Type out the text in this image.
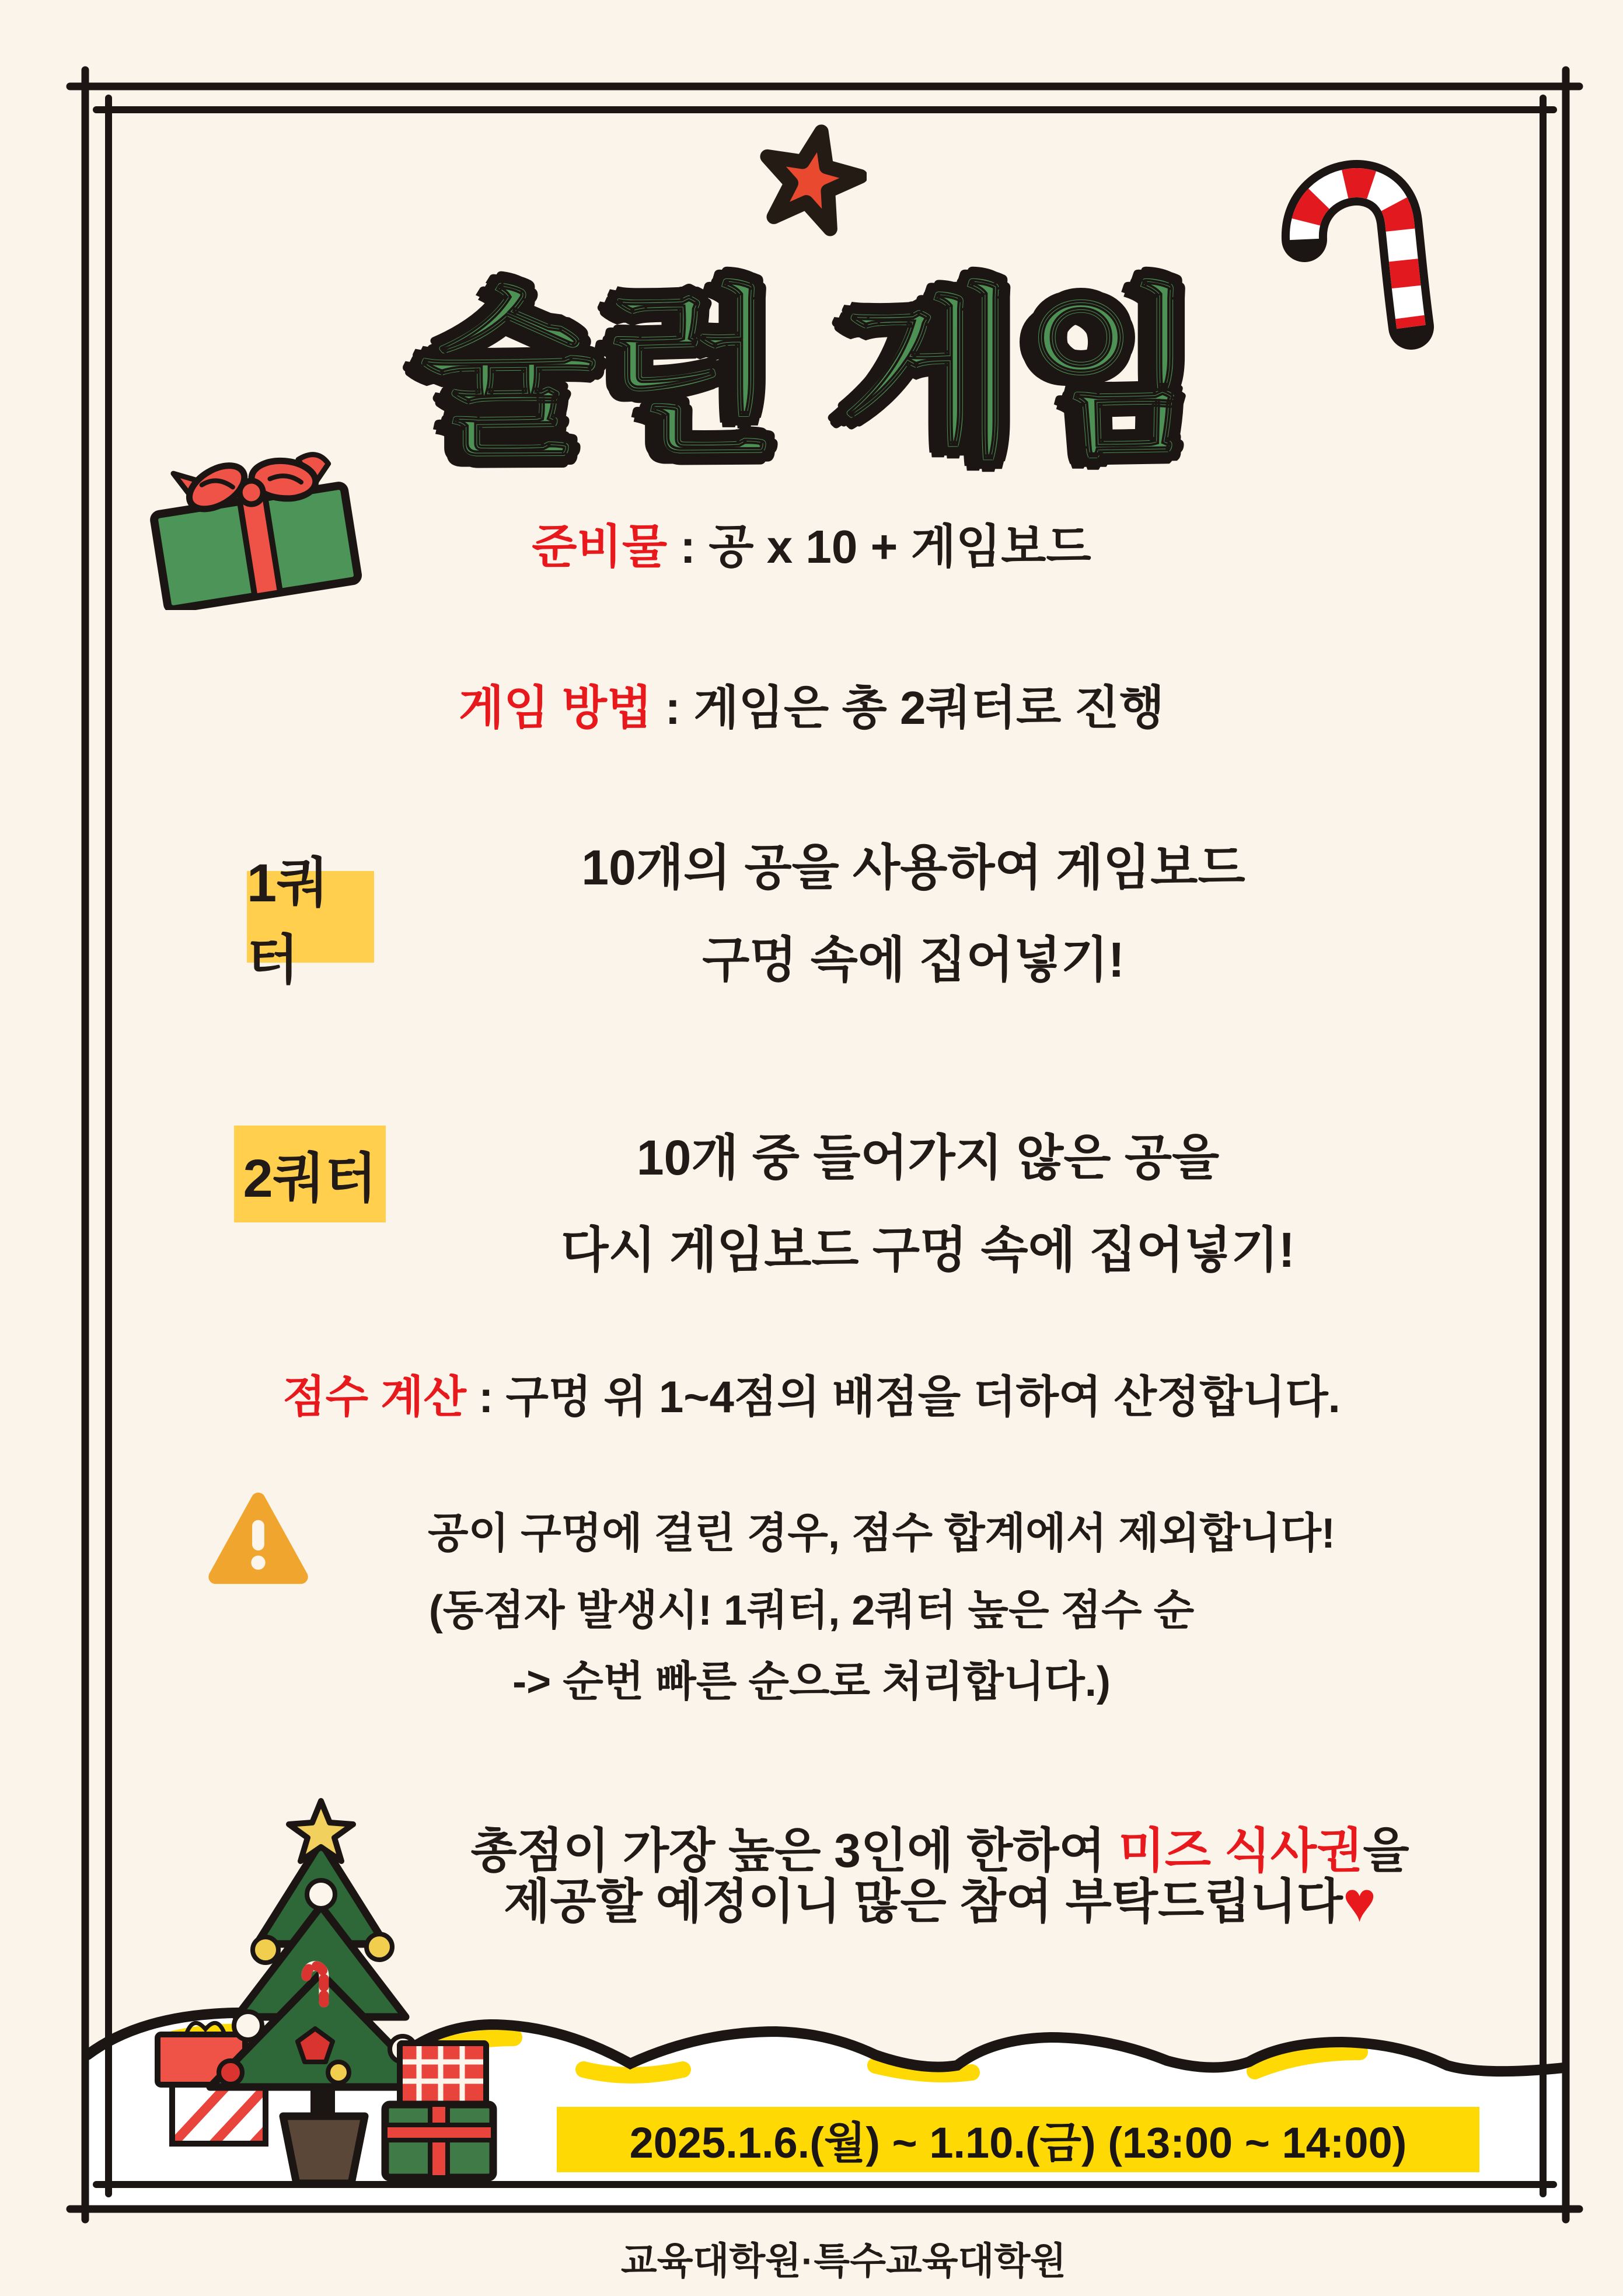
슐런 게임
준비물 : 공 x 10 + 게임보드
게임 방법 : 게임은 총 2쿼터로 진행
1쿼터
10개의 공을 사용하여 게임보드
구멍 속에 집어넣기!
2쿼터	10개 중 들어가지 않은 공을
다시 게임보드 구멍 속에 집어넣기!
점수 계산 : 구멍 위 1~4점의 배점을 더하여 산정합니다.
공이 구멍에 걸린 경우, 점수 합계에서 제외합니다!
(동점자 발생시! 1쿼터, 2쿼터 높은 점수 순
-> 순번 빠른 순으로 처리합니다.)
총점이 가장 높은 3인에 한하여 미즈 식사권을
제공할 예정이니 많은 참여 부탁드립니다♥
2025.1.6.(월) ~ 1.10.(금) (13:00 ~ 14:00)
교육대학원·특수교육대학원
